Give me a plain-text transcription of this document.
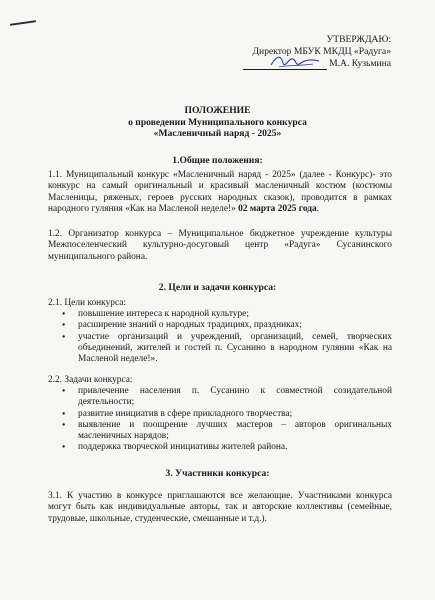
УТВЕРЖДАЮ:
Директор МБУК МКДЦ «Радуга»
М.А. Кузьмина
ПОЛОЖЕНИЕ
о проведении Муниципального конкурса
«Масленичный наряд - 2025»
1.Общие положения:
1.1. Муниципальный конкурс «Масленичный наряд - 2025» (далее - Конкурс)- это конкурс на самый оригинальный и красивый масленичный костюм (костюмы Масленицы, ряженых, героев русских народных сказок), проводится в рамках народного гуляния «Как на Масленой неделе!» 02 марта 2025 года.
1.2. Организатор конкурса – Муниципальное бюджетное учреждение культуры Межпоселенческий культурно-досуговый центр «Радуга» Сусанинского муниципального района.
2. Цели и задачи конкурса:
2.1. Цели конкурса:
● повышение интереса к народной культуре;
● расширение знаний о народных традициях, праздниках;
● участие организаций и учреждений, организаций, семей, творческих объединений, жителей и гостей п. Сусанино в народном гулянии «Как на Масленой неделе!».
2.2. Задачи конкурса:
● привлечение населения п. Сусанино к совместной созидательной деятельности;
● развитие инициатив в сфере прикладного творчества;
● выявление и поощрение лучших мастеров – авторов оригинальных масленичных нарядов;
● поддержка творческой инициативы жителей района.
3. Участники конкурса:
3.1. К участию в конкурсе приглашаются все желающие. Участниками конкурса могут быть как индивидуальные авторы, так и авторские коллективы (семейные, трудовые, школьные, студенческие, смешанные и т.д.).
